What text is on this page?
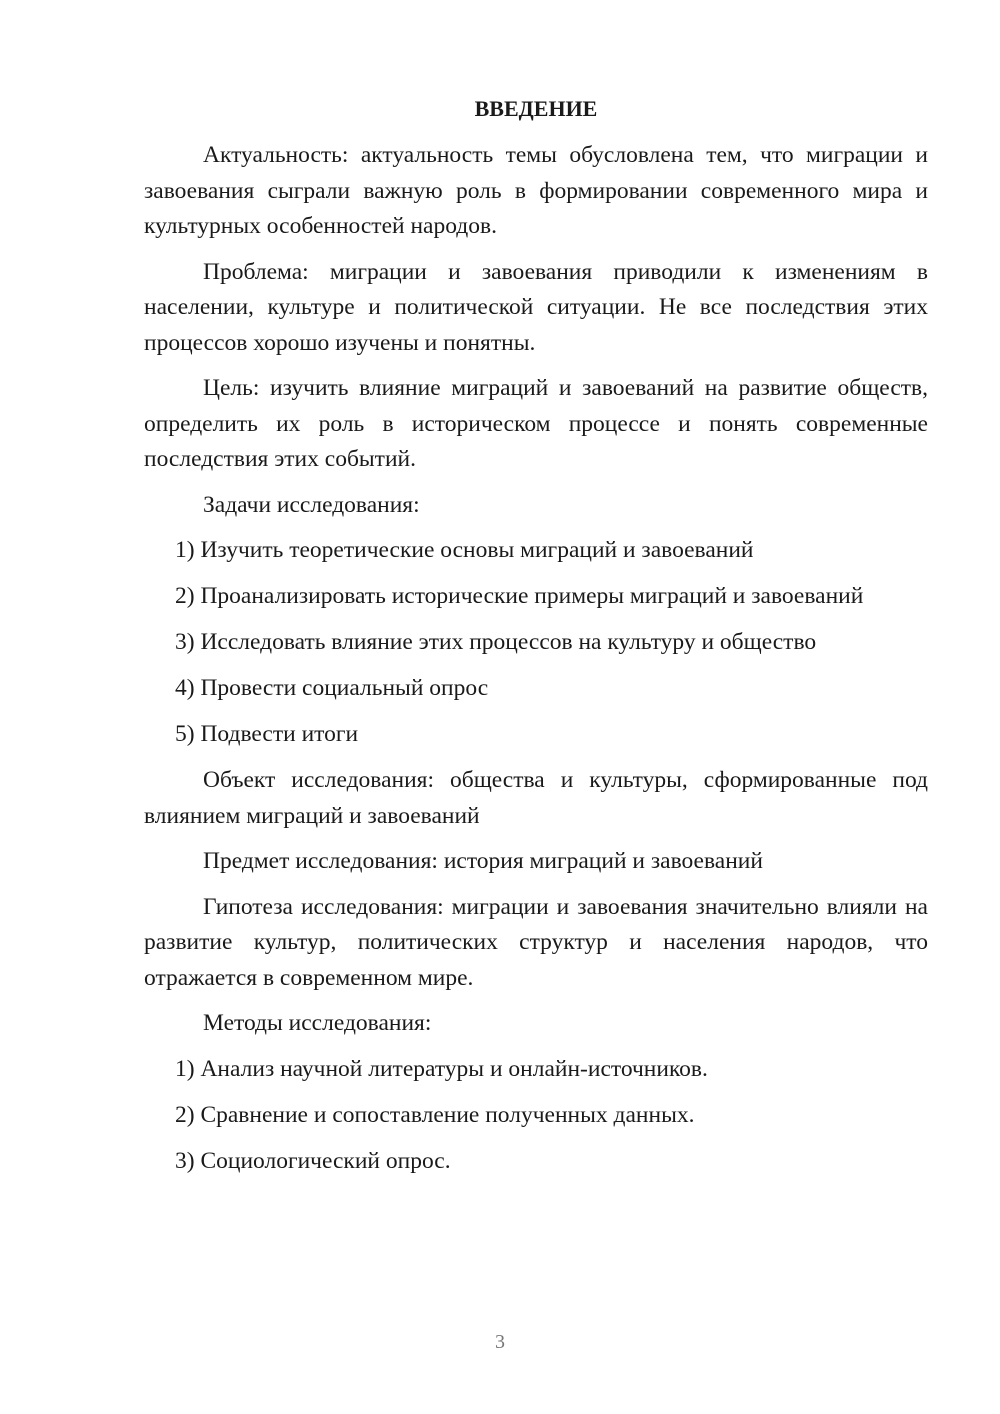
ВВЕДЕНИЕ
Актуальность: актуальность темы обусловлена тем, что миграции и завоевания сыграли важную роль в формировании современного мира и культурных особенностей народов.
Проблема: миграции и завоевания приводили к изменениям в населении, культуре и политической ситуации. Не все последствия этих процессов хорошо изучены и понятны.
Цель: изучить влияние миграций и завоеваний на развитие обществ, определить их роль в историческом процессе и понять современные последствия этих событий.
Задачи исследования:
1) Изучить теоретические основы миграций и завоеваний
2) Проанализировать исторические примеры миграций и завоеваний
3) Исследовать влияние этих процессов на культуру и общество
4) Провести социальный опрос
5) Подвести итоги
Объект исследования: общества и культуры, сформированные под влиянием миграций и завоеваний
Предмет исследования: история миграций и завоеваний
Гипотеза исследования: миграции и завоевания значительно влияли на развитие культур, политических структур и населения народов, что отражается в современном мире.
Методы исследования:
1) Анализ научной литературы и онлайн-источников.
2) Сравнение и сопоставление полученных данных.
3) Социологический опрос.
3
